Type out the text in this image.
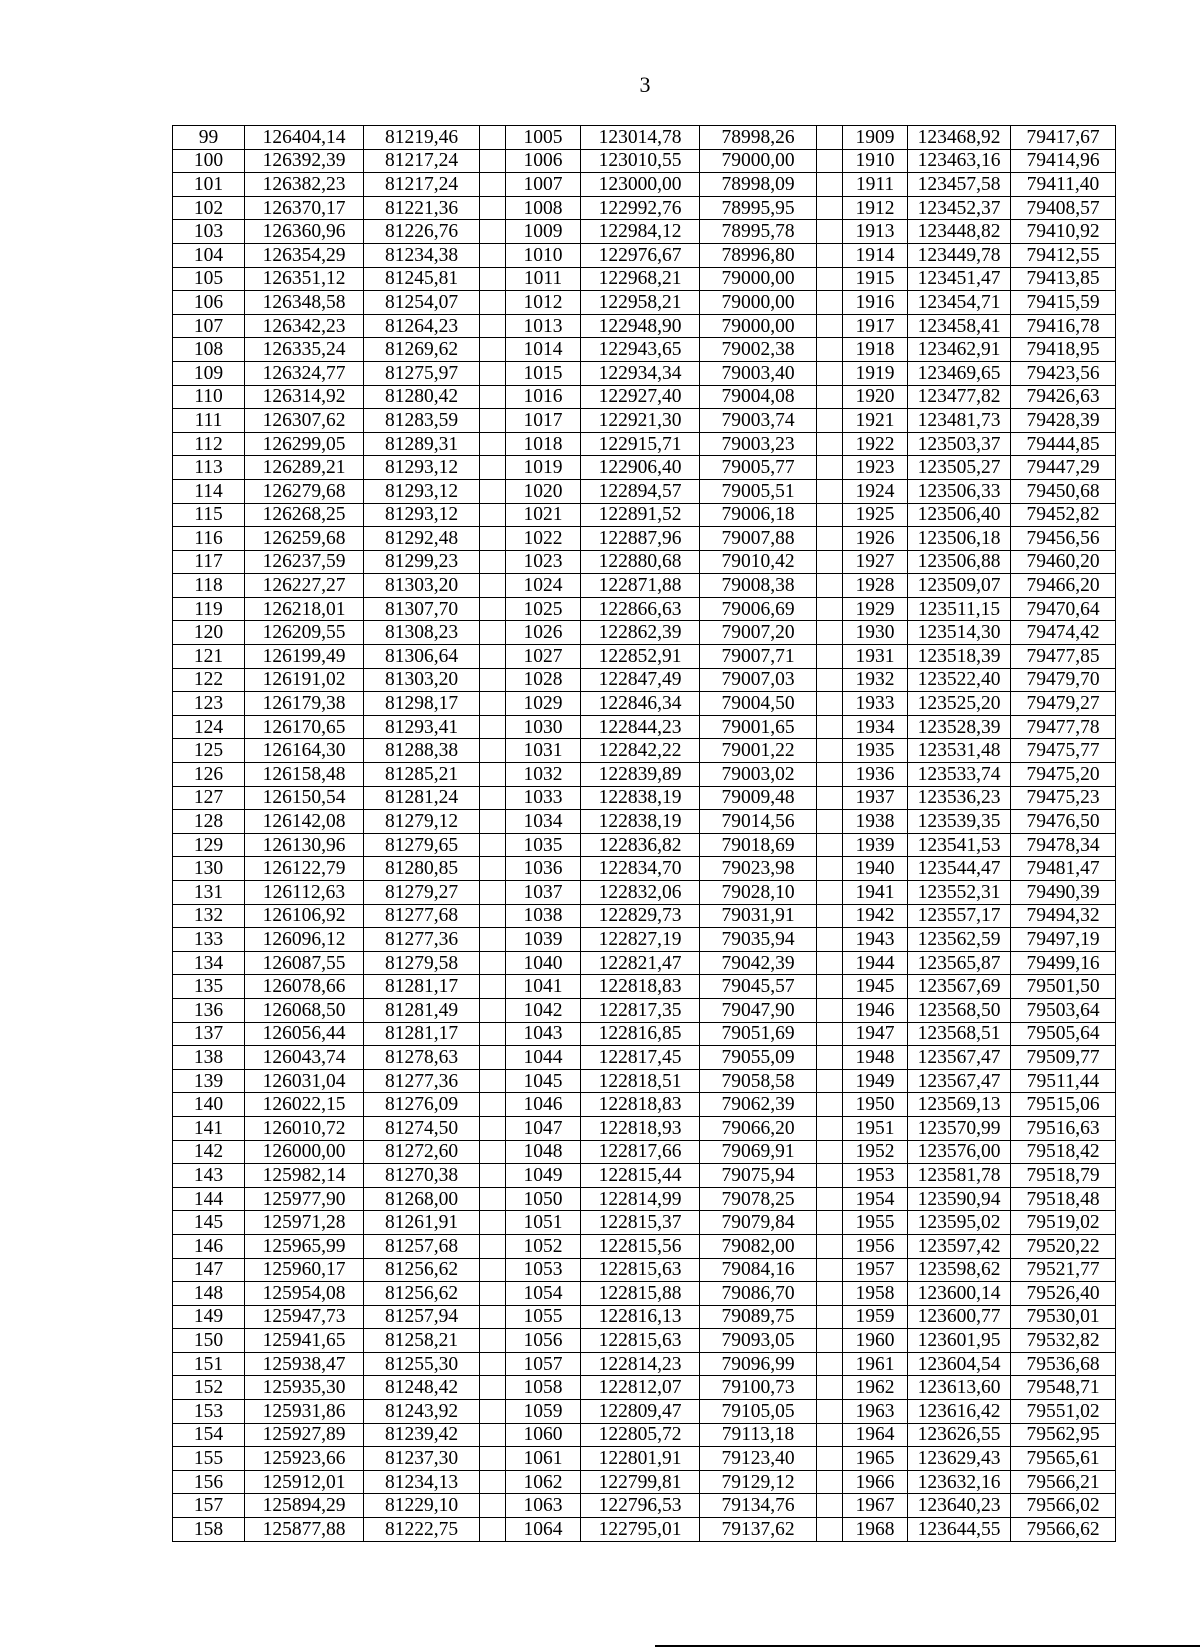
3
99	126404,14	81219,46		1005	123014,78	78998,26		1909	123468,92	79417,67
100	126392,39	81217,24		1006	123010,55	79000,00		1910	123463,16	79414,96
101	126382,23	81217,24		1007	123000,00	78998,09		1911	123457,58	79411,40
102	126370,17	81221,36		1008	122992,76	78995,95		1912	123452,37	79408,57
103	126360,96	81226,76		1009	122984,12	78995,78		1913	123448,82	79410,92
104	126354,29	81234,38		1010	122976,67	78996,80		1914	123449,78	79412,55
105	126351,12	81245,81		1011	122968,21	79000,00		1915	123451,47	79413,85
106	126348,58	81254,07		1012	122958,21	79000,00		1916	123454,71	79415,59
107	126342,23	81264,23		1013	122948,90	79000,00		1917	123458,41	79416,78
108	126335,24	81269,62		1014	122943,65	79002,38		1918	123462,91	79418,95
109	126324,77	81275,97		1015	122934,34	79003,40		1919	123469,65	79423,56
110	126314,92	81280,42		1016	122927,40	79004,08		1920	123477,82	79426,63
111	126307,62	81283,59		1017	122921,30	79003,74		1921	123481,73	79428,39
112	126299,05	81289,31		1018	122915,71	79003,23		1922	123503,37	79444,85
113	126289,21	81293,12		1019	122906,40	79005,77		1923	123505,27	79447,29
114	126279,68	81293,12		1020	122894,57	79005,51		1924	123506,33	79450,68
115	126268,25	81293,12		1021	122891,52	79006,18		1925	123506,40	79452,82
116	126259,68	81292,48		1022	122887,96	79007,88		1926	123506,18	79456,56
117	126237,59	81299,23		1023	122880,68	79010,42		1927	123506,88	79460,20
118	126227,27	81303,20		1024	122871,88	79008,38		1928	123509,07	79466,20
119	126218,01	81307,70		1025	122866,63	79006,69		1929	123511,15	79470,64
120	126209,55	81308,23		1026	122862,39	79007,20		1930	123514,30	79474,42
121	126199,49	81306,64		1027	122852,91	79007,71		1931	123518,39	79477,85
122	126191,02	81303,20		1028	122847,49	79007,03		1932	123522,40	79479,70
123	126179,38	81298,17		1029	122846,34	79004,50		1933	123525,20	79479,27
124	126170,65	81293,41		1030	122844,23	79001,65		1934	123528,39	79477,78
125	126164,30	81288,38		1031	122842,22	79001,22		1935	123531,48	79475,77
126	126158,48	81285,21		1032	122839,89	79003,02		1936	123533,74	79475,20
127	126150,54	81281,24		1033	122838,19	79009,48		1937	123536,23	79475,23
128	126142,08	81279,12		1034	122838,19	79014,56		1938	123539,35	79476,50
129	126130,96	81279,65		1035	122836,82	79018,69		1939	123541,53	79478,34
130	126122,79	81280,85		1036	122834,70	79023,98		1940	123544,47	79481,47
131	126112,63	81279,27		1037	122832,06	79028,10		1941	123552,31	79490,39
132	126106,92	81277,68		1038	122829,73	79031,91		1942	123557,17	79494,32
133	126096,12	81277,36		1039	122827,19	79035,94		1943	123562,59	79497,19
134	126087,55	81279,58		1040	122821,47	79042,39		1944	123565,87	79499,16
135	126078,66	81281,17		1041	122818,83	79045,57		1945	123567,69	79501,50
136	126068,50	81281,49		1042	122817,35	79047,90		1946	123568,50	79503,64
137	126056,44	81281,17		1043	122816,85	79051,69		1947	123568,51	79505,64
138	126043,74	81278,63		1044	122817,45	79055,09		1948	123567,47	79509,77
139	126031,04	81277,36		1045	122818,51	79058,58		1949	123567,47	79511,44
140	126022,15	81276,09		1046	122818,83	79062,39		1950	123569,13	79515,06
141	126010,72	81274,50		1047	122818,93	79066,20		1951	123570,99	79516,63
142	126000,00	81272,60		1048	122817,66	79069,91		1952	123576,00	79518,42
143	125982,14	81270,38		1049	122815,44	79075,94		1953	123581,78	79518,79
144	125977,90	81268,00		1050	122814,99	79078,25		1954	123590,94	79518,48
145	125971,28	81261,91		1051	122815,37	79079,84		1955	123595,02	79519,02
146	125965,99	81257,68		1052	122815,56	79082,00		1956	123597,42	79520,22
147	125960,17	81256,62		1053	122815,63	79084,16		1957	123598,62	79521,77
148	125954,08	81256,62		1054	122815,88	79086,70		1958	123600,14	79526,40
149	125947,73	81257,94		1055	122816,13	79089,75		1959	123600,77	79530,01
150	125941,65	81258,21		1056	122815,63	79093,05		1960	123601,95	79532,82
151	125938,47	81255,30		1057	122814,23	79096,99		1961	123604,54	79536,68
152	125935,30	81248,42		1058	122812,07	79100,73		1962	123613,60	79548,71
153	125931,86	81243,92		1059	122809,47	79105,05		1963	123616,42	79551,02
154	125927,89	81239,42		1060	122805,72	79113,18		1964	123626,55	79562,95
155	125923,66	81237,30		1061	122801,91	79123,40		1965	123629,43	79565,61
156	125912,01	81234,13		1062	122799,81	79129,12		1966	123632,16	79566,21
157	125894,29	81229,10		1063	122796,53	79134,76		1967	123640,23	79566,02
158	125877,88	81222,75		1064	122795,01	79137,62		1968	123644,55	79566,62
